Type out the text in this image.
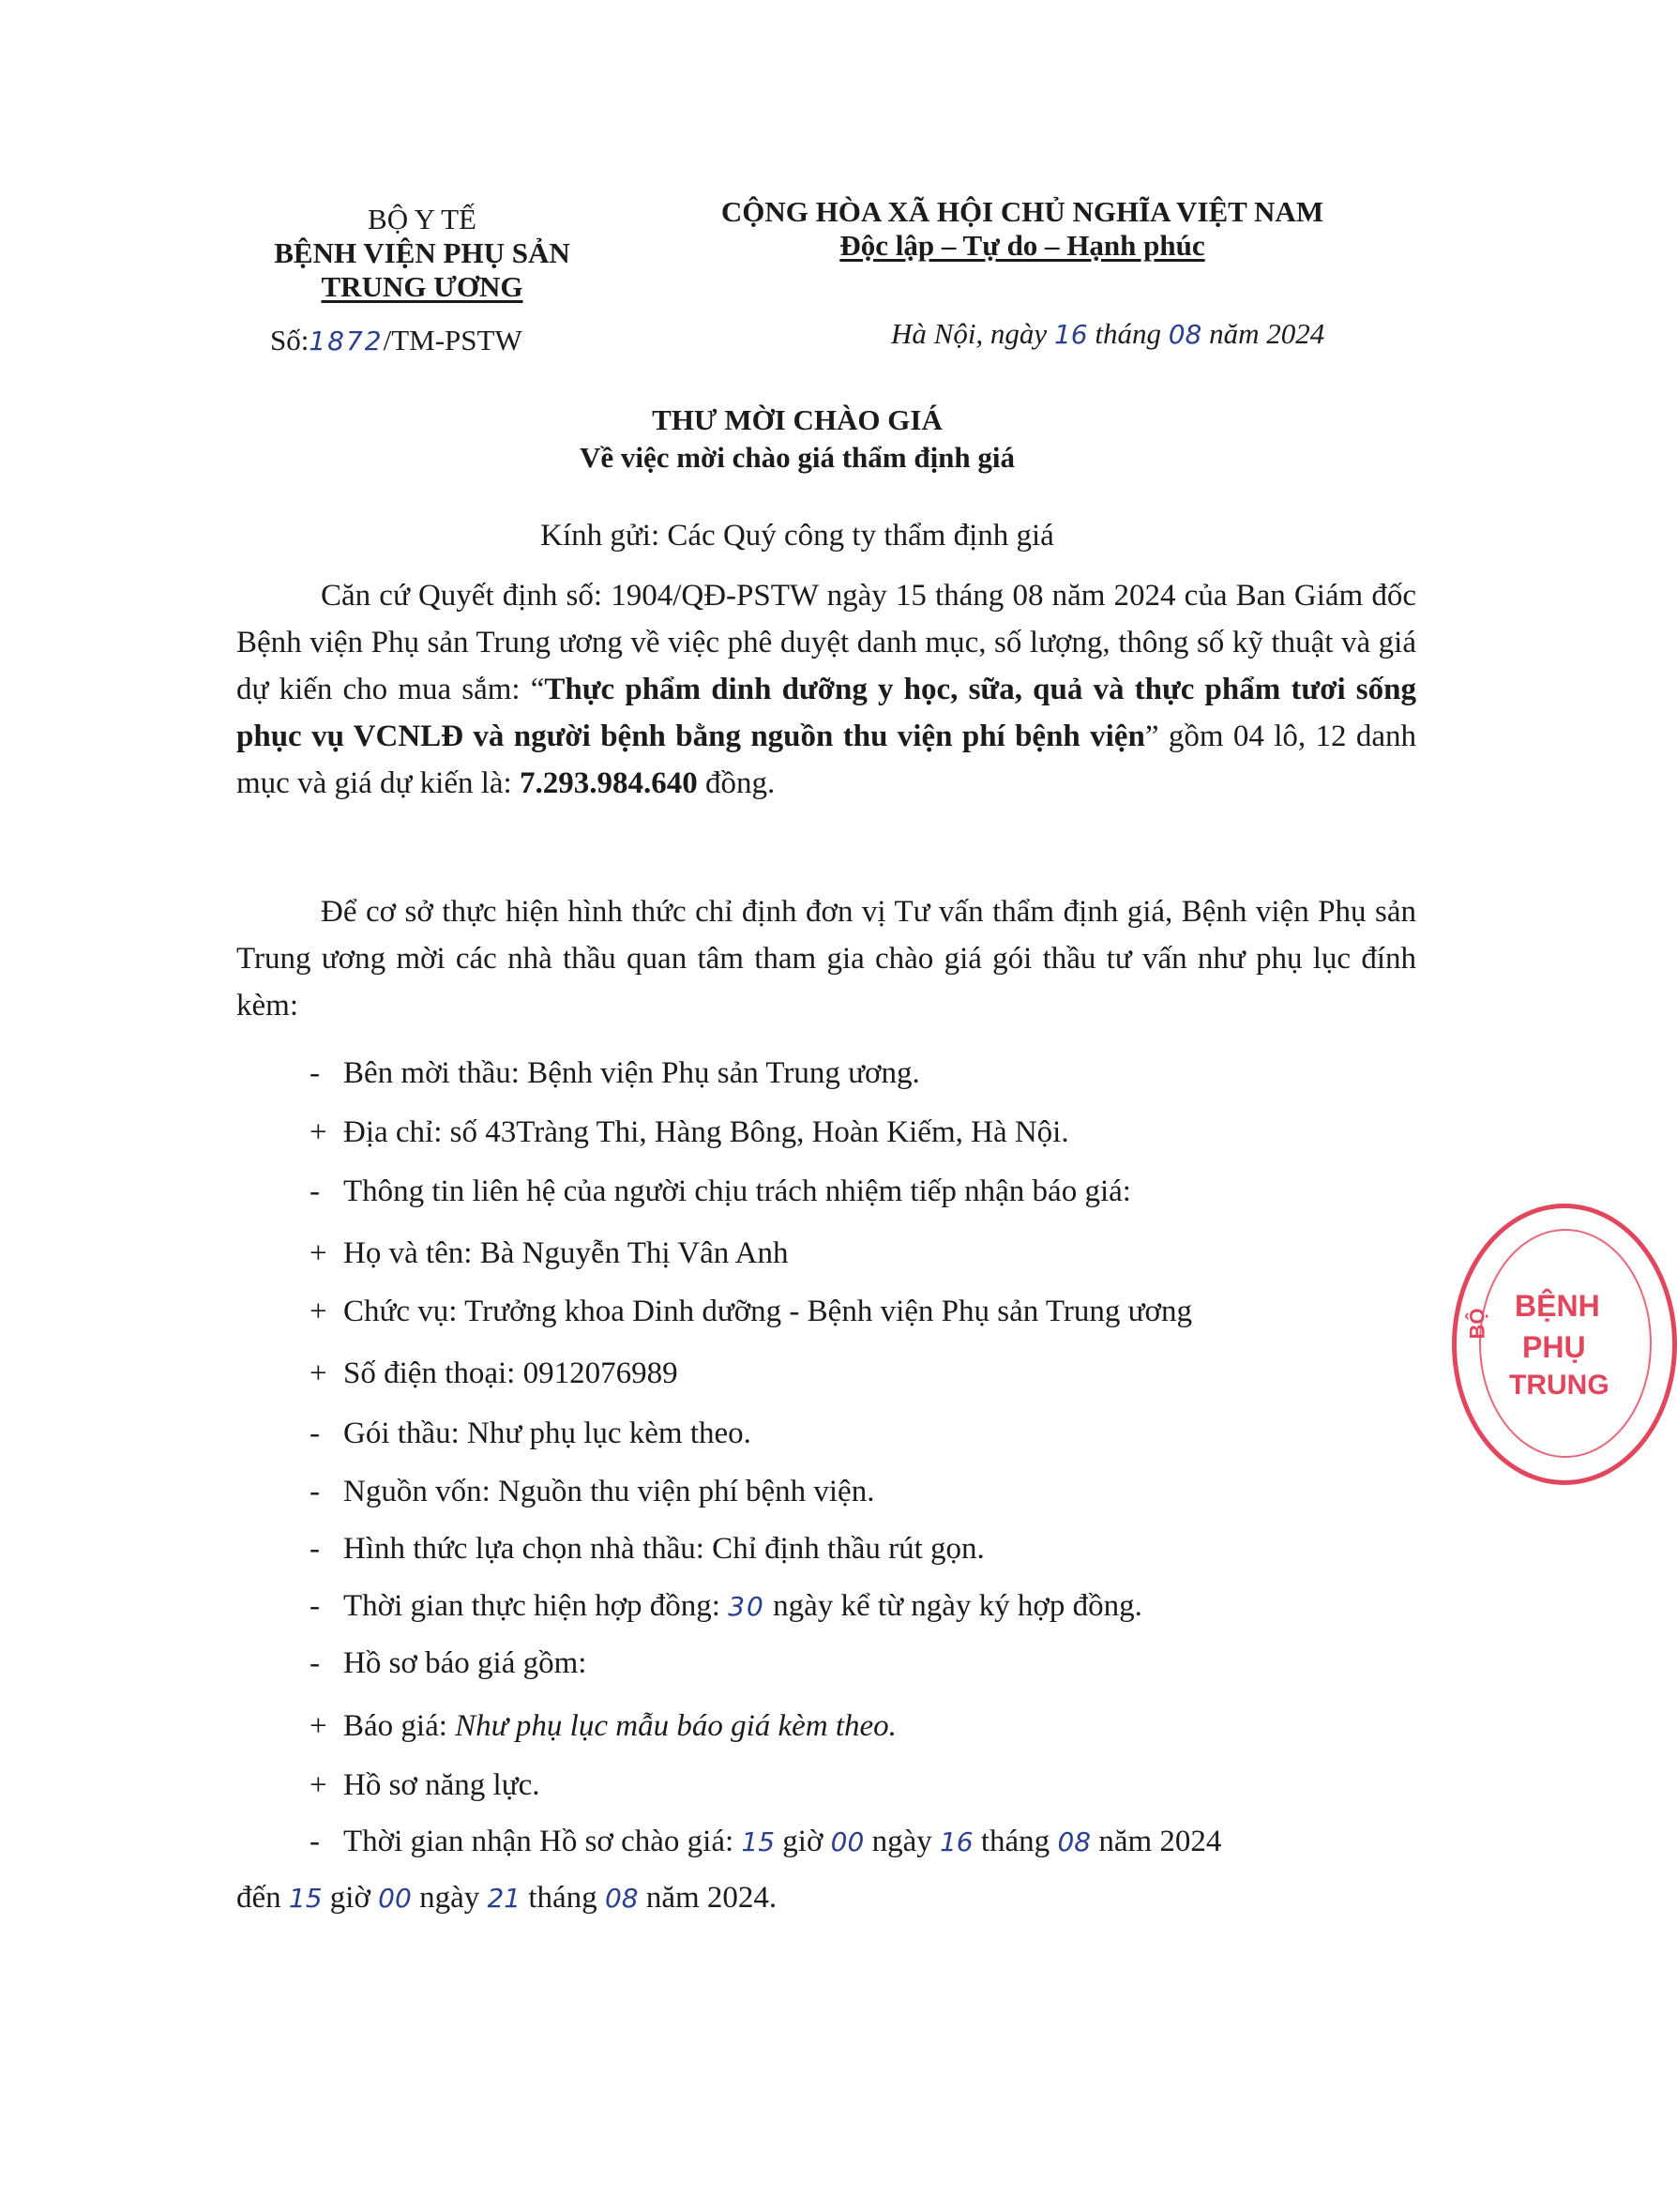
BỘ Y TẾ
BỆNH VIỆN PHỤ SẢN
TRUNG ƯƠNG
Số:1872/TM-PSTW
CỘNG HÒA XÃ HỘI CHỦ NGHĨA VIỆT NAM
Độc lập – Tự do – Hạnh phúc
Hà Nội, ngày 16 tháng 08 năm 2024
THƯ MỜI CHÀO GIÁ
Về việc mời chào giá thẩm định giá
Kính gửi: Các Quý công ty thẩm định giá
Căn cứ Quyết định số: 1904/QĐ-PSTW ngày 15 tháng 08 năm 2024 của Ban Giám đốc Bệnh viện Phụ sản Trung ương về việc phê duyệt danh mục, số lượng, thông số kỹ thuật và giá dự kiến cho mua sắm: “Thực phẩm dinh dưỡng y học, sữa, quả và thực phẩm tươi sống phục vụ VCNLĐ và người bệnh bằng nguồn thu viện phí bệnh viện” gồm 04 lô, 12 danh mục và giá dự kiến là: 7.293.984.640 đồng.
Để cơ sở thực hiện hình thức chỉ định đơn vị Tư vấn thẩm định giá, Bệnh viện Phụ sản Trung ương mời các nhà thầu quan tâm tham gia chào giá gói thầu tư vấn như phụ lục đính kèm:
- Bên mời thầu: Bệnh viện Phụ sản Trung ương.
+ Địa chỉ: số 43Tràng Thi, Hàng Bông, Hoàn Kiếm, Hà Nội.
- Thông tin liên hệ của người chịu trách nhiệm tiếp nhận báo giá:
+ Họ và tên: Bà Nguyễn Thị Vân Anh
+ Chức vụ: Trưởng khoa Dinh dưỡng - Bệnh viện Phụ sản Trung ương
+ Số điện thoại: 0912076989
- Gói thầu: Như phụ lục kèm theo.
- Nguồn vốn: Nguồn thu viện phí bệnh viện.
- Hình thức lựa chọn nhà thầu: Chỉ định thầu rút gọn.
- Thời gian thực hiện hợp đồng: 30 ngày kể từ ngày ký hợp đồng.
- Hồ sơ báo giá gồm:
+ Báo giá: Như phụ lục mẫu báo giá kèm theo.
+ Hồ sơ năng lực.
- Thời gian nhận Hồ sơ chào giá: 15 giờ 00 ngày 16 tháng 08 năm 2024
đến 15 giờ 00 ngày 21 tháng 08 năm 2024.
BỘ
BỆNH
PHỤ
TRUNG
